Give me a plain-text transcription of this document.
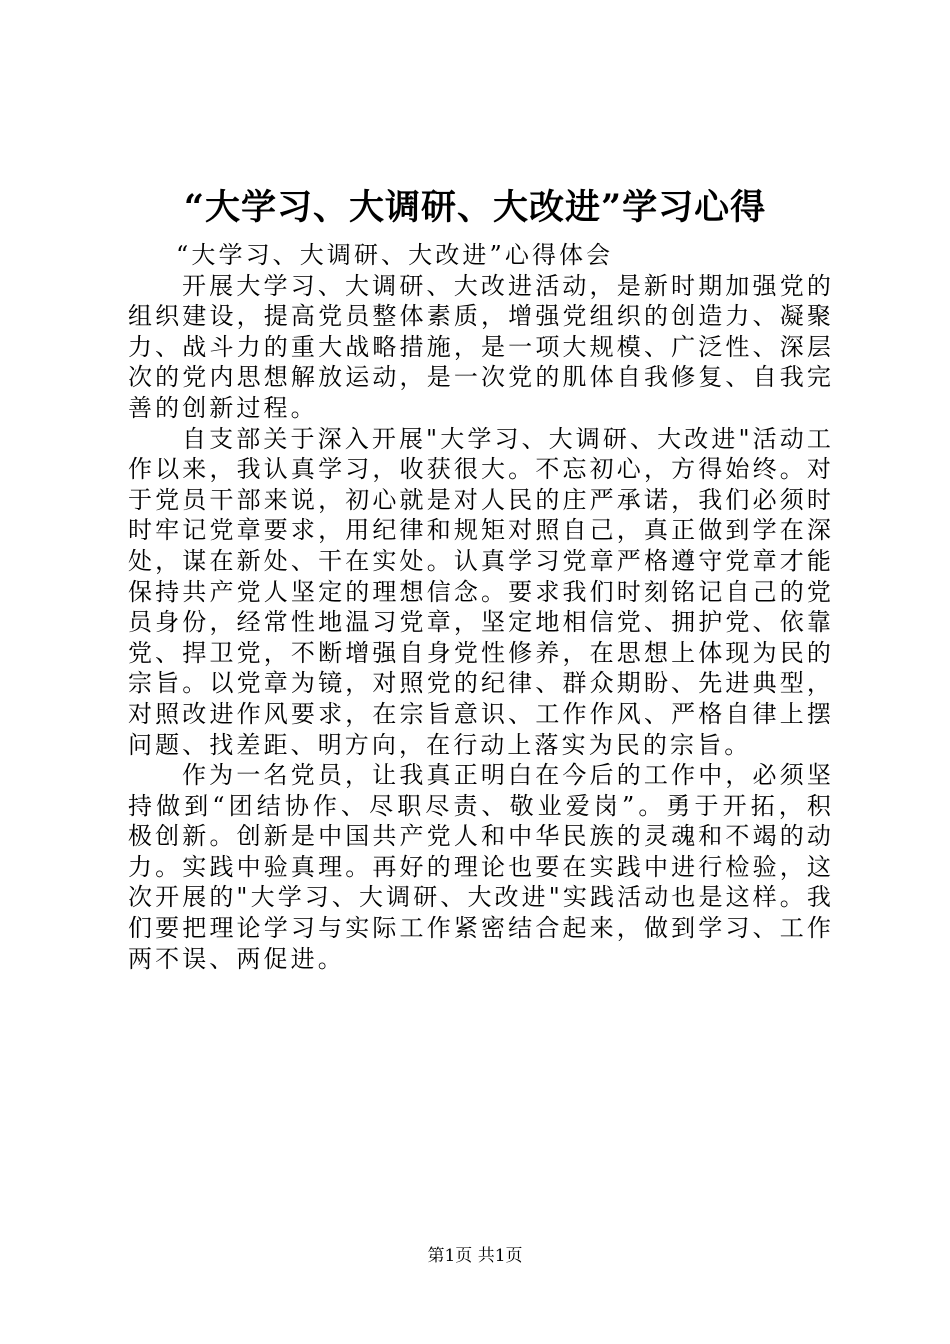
“大学习、大调研、大改进”学习心得

“大学习、大调研、大改进”心得体会

开展大学习、大调研、大改进活动，是新时期加强党的组织建设，提高党员整体素质，增强党组织的创造力、凝聚力、战斗力的重大战略措施，是一项大规模、广泛性、深层次的党内思想解放运动，是一次党的肌体自我修复、自我完善的创新过程。

自支部关于深入开展"大学习、大调研、大改进"活动工作以来，我认真学习，收获很大。不忘初心，方得始终。对于党员干部来说，初心就是对人民的庄严承诺，我们必须时时牢记党章要求，用纪律和规矩对照自己，真正做到学在深处，谋在新处、干在实处。认真学习党章严格遵守党章才能保持共产党人坚定的理想信念。要求我们时刻铭记自己的党员身份，经常性地温习党章，坚定地相信党、拥护党、依靠党、捍卫党，不断增强自身党性修养，在思想上体现为民的宗旨。以党章为镜，对照党的纪律、群众期盼、先进典型，对照改进作风要求，在宗旨意识、工作作风、严格自律上摆问题、找差距、明方向，在行动上落实为民的宗旨。

作为一名党员，让我真正明白在今后的工作中，必须坚持做到“团结协作、尽职尽责、敬业爱岗”。勇于开拓，积极创新。创新是中国共产党人和中华民族的灵魂和不竭的动力。实践中验真理。再好的理论也要在实践中进行检验，这次开展的"大学习、大调研、大改进"实践活动也是这样。我们要把理论学习与实际工作紧密结合起来，做到学习、工作两不误、两促进。

第1页 共1页
